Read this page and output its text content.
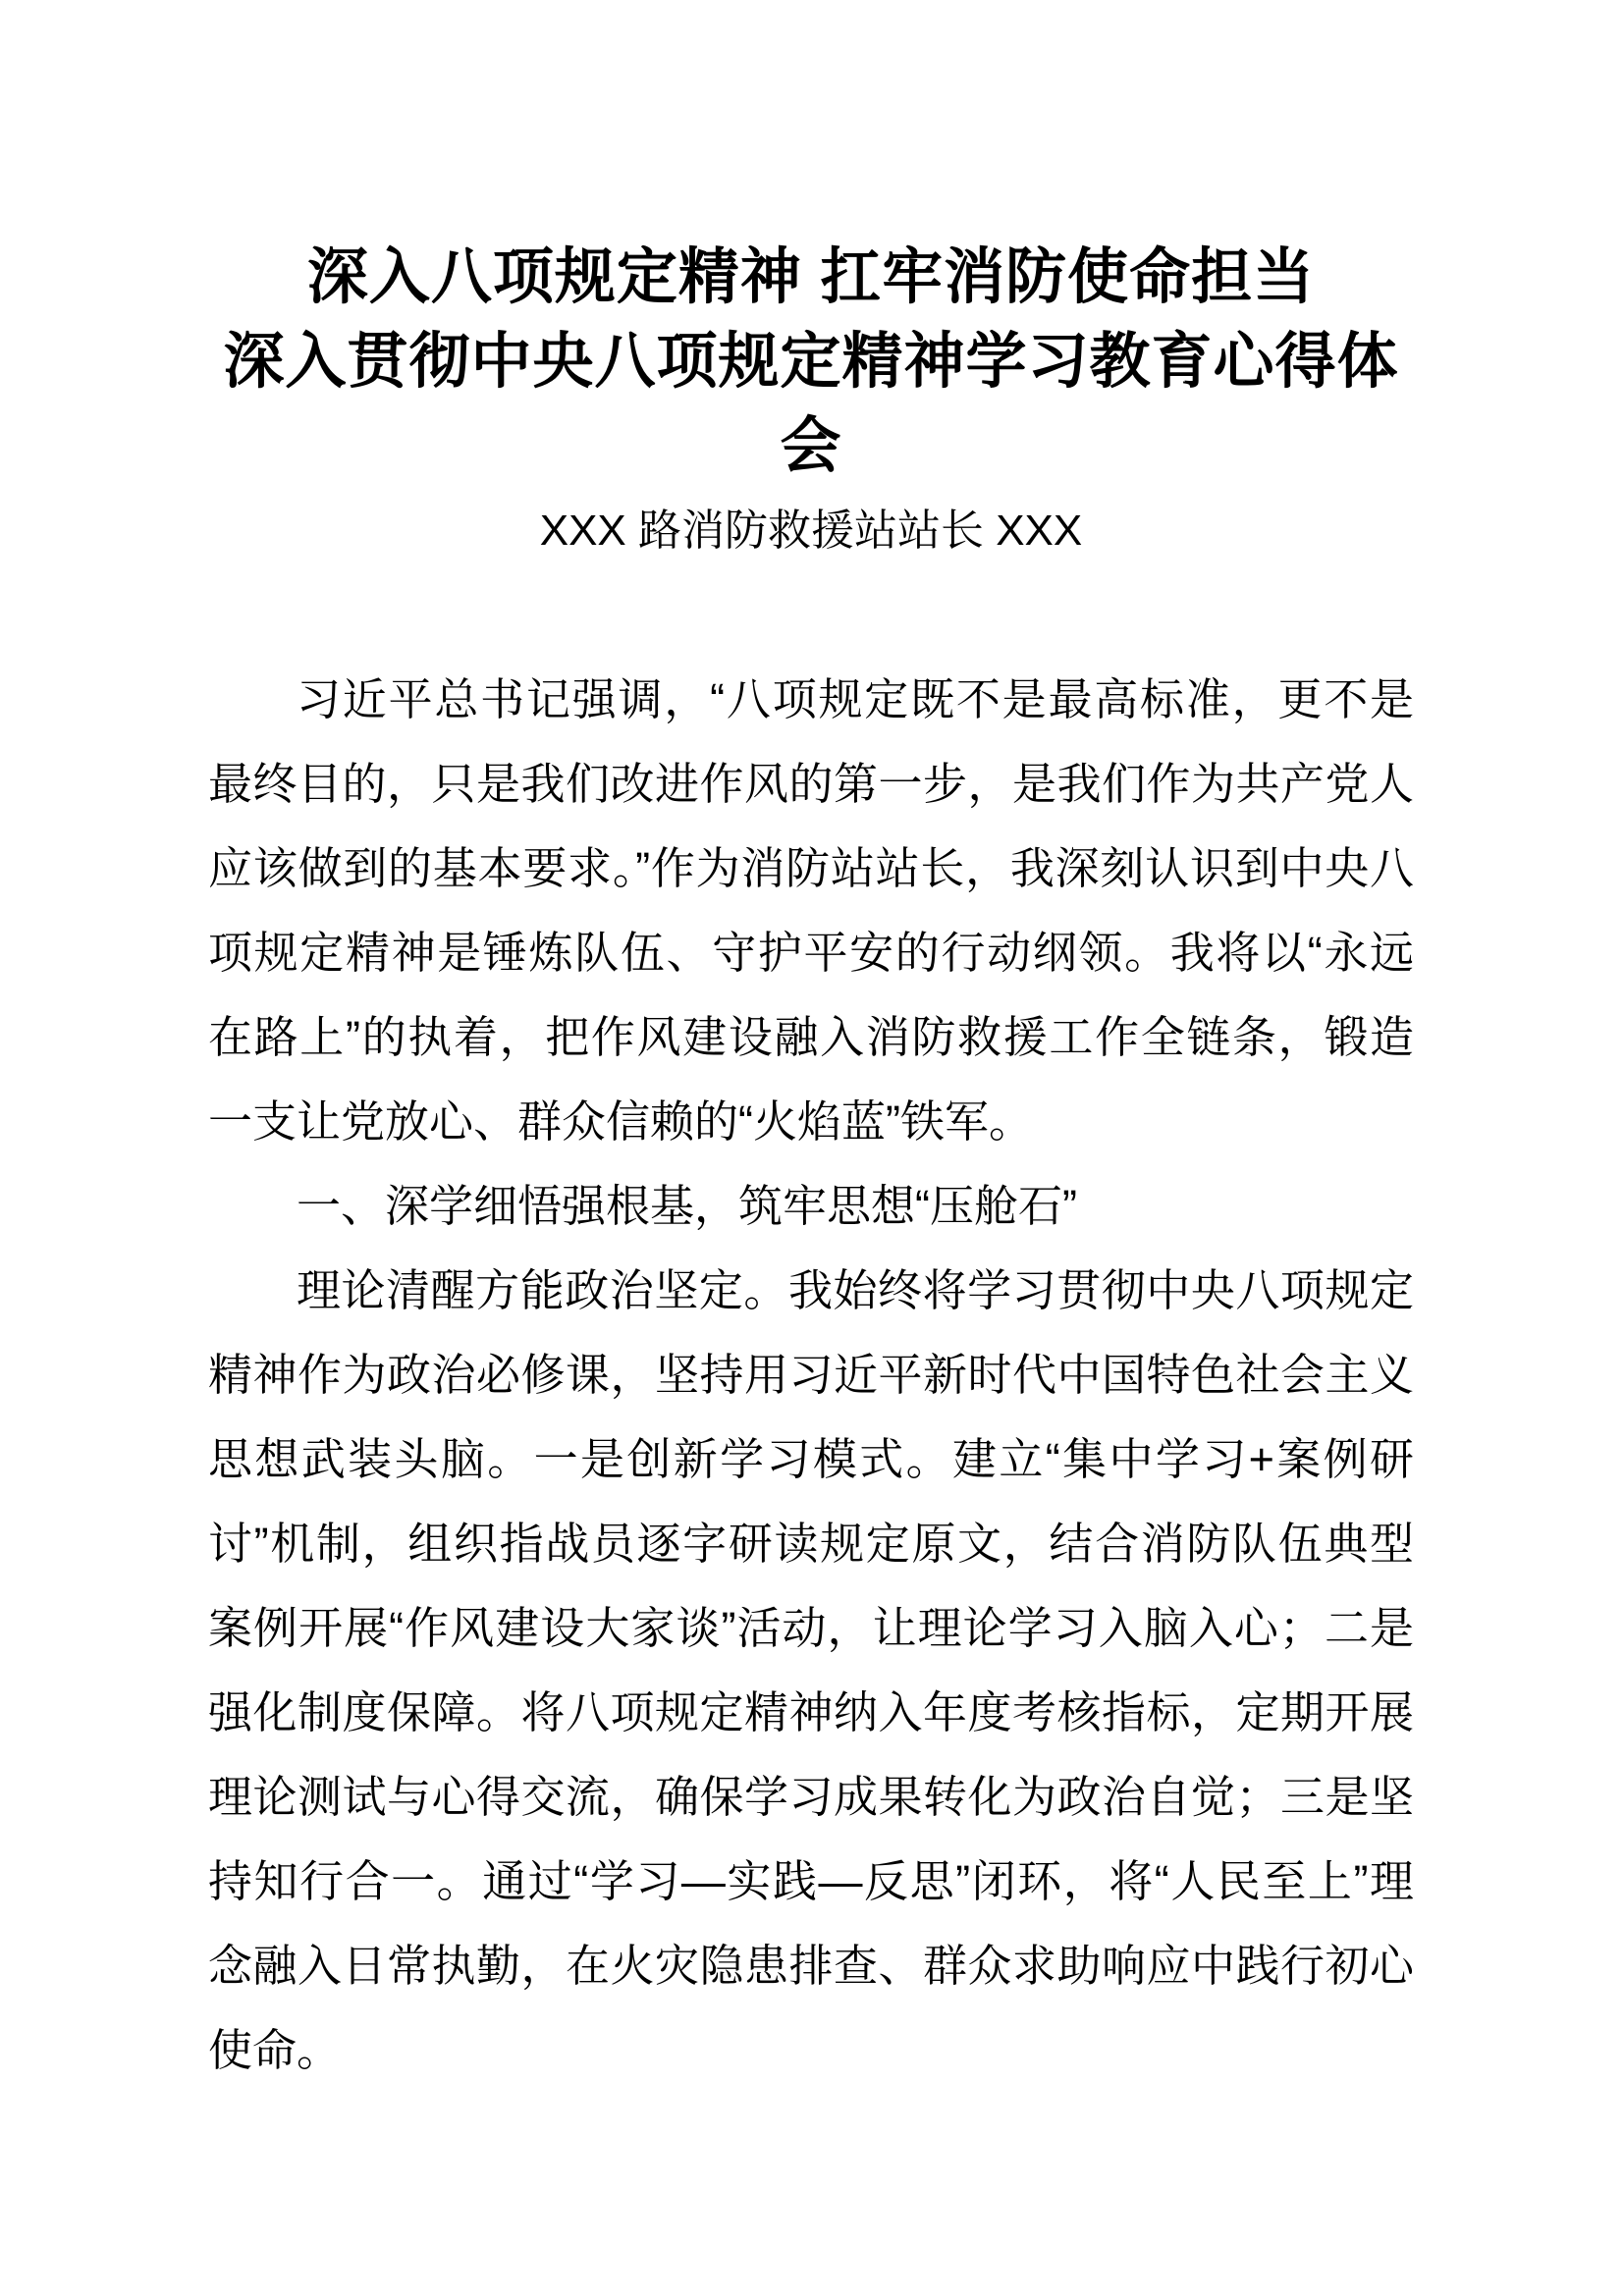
深入八项规定精神 扛牢消防使命担当
深入贯彻中央八项规定精神学习教育心得体会
XXX 路消防救援站站长 XXX

习近平总书记强调，“八项规定既不是最高标准，更不是最终目的，只是我们改进作风的第一步，是我们作为共产党人应该做到的基本要求。”作为消防站站长，我深刻认识到中央八项规定精神是锤炼队伍、守护平安的行动纲领。我将以“永远在路上”的执着，把作风建设融入消防救援工作全链条，锻造一支让党放心、群众信赖的“火焰蓝”铁军。

一、深学细悟强根基，筑牢思想“压舱石”

理论清醒方能政治坚定。我始终将学习贯彻中央八项规定精神作为政治必修课，坚持用习近平新时代中国特色社会主义思想武装头脑。一是创新学习模式。建立“集中学习+案例研讨”机制，组织指战员逐字研读规定原文，结合消防队伍典型案例开展“作风建设大家谈”活动，让理论学习入脑入心；二是强化制度保障。将八项规定精神纳入年度考核指标，定期开展理论测试与心得交流，确保学习成果转化为政治自觉；三是坚持知行合一。通过“学习—实践—反思”闭环，将“人民至上”理念融入日常执勤，在火灾隐患排查、群众求助响应中践行初心使命。
